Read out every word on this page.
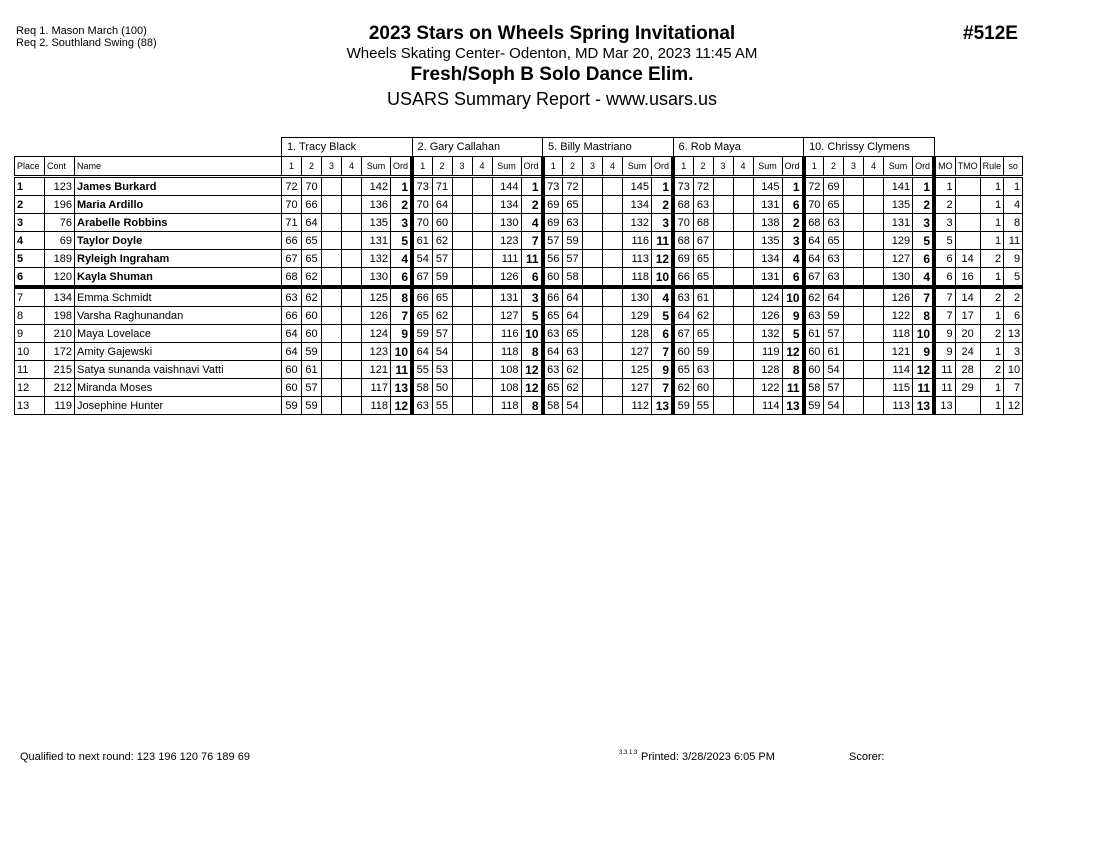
Req 1. Mason March (100)
Req 2. Southland Swing (88)	2023 Stars on Wheels Spring Invitational
Wheels Skating Center- Odenton, MD Mar 20, 2023 11:45 AM
Fresh/Soph B Solo Dance Elim.
USARS Summary Report - www.usars.us
#512E
			1. Tracy Black						2. Gary Callahan						5. Billy Mastriano						6. Rob Maya						10. Chrissy Clymens									
Place	Cont	Name	1	2	3	4	Sum	Ord	1	2	3	4	Sum	Ord	1	2	3	4	Sum	Ord	1	2	3	4	Sum	Ord	1	2	3	4	Sum	Ord	MO	TMO	Rule	so
1	123	James Burkard	72	70			142	1	73	71			144	1	73	72			145	1	73	72			145	1	72	69			141	1	1		1	1
2	196	Maria Ardillo	70	66			136	2	70	64			134	2	69	65			134	2	68	63			131	6	70	65			135	2	2		1	4
3	76	Arabelle Robbins	71	64			135	3	70	60			130	4	69	63			132	3	70	68			138	2	68	63			131	3	3		1	8
4	69	Taylor Doyle	66	65			131	5	61	62			123	7	57	59			116	11	68	67			135	3	64	65			129	5	5		1	11
5	189	Ryleigh Ingraham	67	65			132	4	54	57			111	11	56	57			113	12	69	65			134	4	64	63			127	6	6	14	2	9
6	120	Kayla Shuman	68	62			130	6	67	59			126	6	60	58			118	10	66	65			131	6	67	63			130	4	6	16	1	5
7	134	Emma Schmidt	63	62			125	8	66	65			131	3	66	64			130	4	63	61			124	10	62	64			126	7	7	14	2	2
8	198	Varsha Raghunandan	66	60			126	7	65	62			127	5	65	64			129	5	64	62			126	9	63	59			122	8	7	17	1	6
9	210	Maya Lovelace	64	60			124	9	59	57			116	10	63	65			128	6	67	65			132	5	61	57			118	10	9	20	2	13
10	172	Amity Gajewski	64	59			123	10	64	54			118	8	64	63			127	7	60	59			119	12	60	61			121	9	9	24	1	3
11	215	Satya sunanda vaishnavi Vatti	60	61			121	11	55	53			108	12	63	62			125	9	65	63			128	8	60	54			114	12	11	28	2	10
12	212	Miranda Moses	60	57			117	13	58	50			108	12	65	62			127	7	62	60			122	11	58	57			115	11	11	29	1	7
13	119	Josephine Hunter	59	59			118	12	63	55			118	8	58	54			112	13	59	55			114	13	59	54			113	13	13		1	12
Qualified to next round: 123 196 120 76 189 69	3.3.1.3 Printed: 3/28/2023 6:05 PM	Scorer:
